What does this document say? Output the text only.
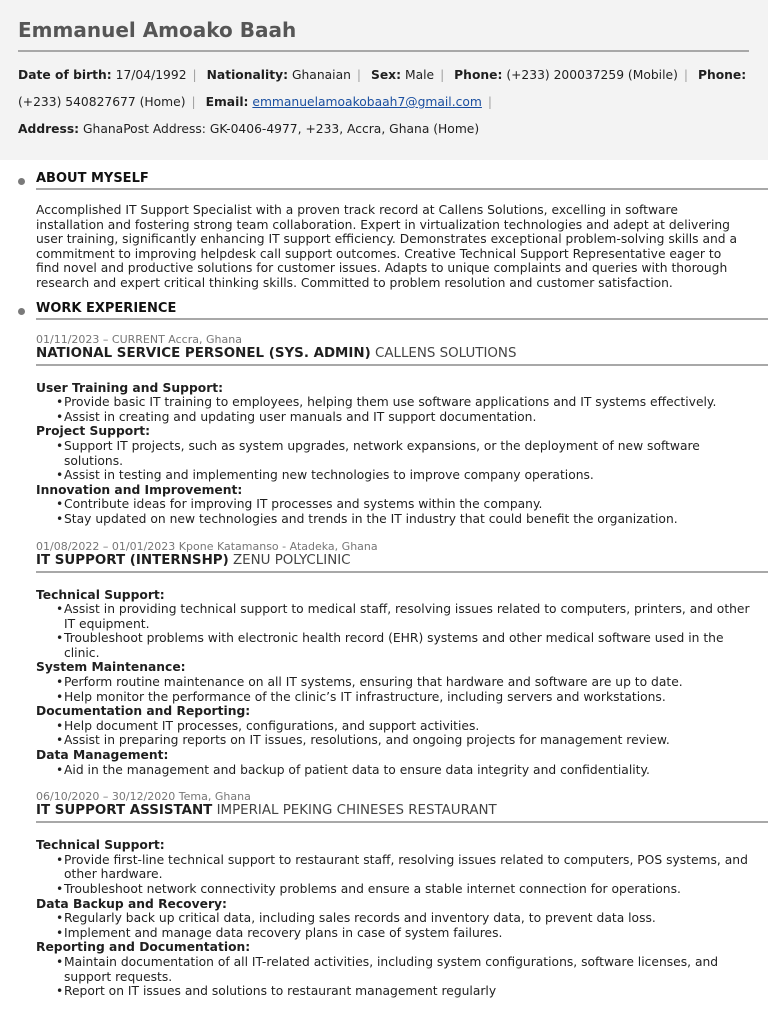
Emmanuel Amoako Baah
Date of birth: 17/04/1992 | Nationality: Ghanaian | Sex: Male | Phone: (+233) 200037259 (Mobile) | Phone:
(+233) 540827677 (Home) | Email: emmanuelamoakobaah7@gmail.com |
Address: GhanaPost Address: GK-0406-4977, +233, Accra, Ghana (Home)
ABOUT MYSELF

Accomplished IT Support Specialist with a proven track record at Callens Solutions, excelling in software installation and fostering strong team collaboration. Expert in virtualization technologies and adept at delivering user training, significantly enhancing IT support efficiency. Demonstrates exceptional problem-solving skills and a commitment to improving helpdesk call support outcomes. Creative Technical Support Representative eager to find novel and productive solutions for customer issues. Adapts to unique complaints and queries with thorough research and expert critical thinking skills. Committed to problem resolution and customer satisfaction.

WORK EXPERIENCE
01/11/2023 – CURRENT Accra, Ghana
NATIONAL SERVICE PERSONEL (SYS. ADMIN) CALLENS SOLUTIONS
User Training and Support:
• Provide basic IT training to employees, helping them use software applications and IT systems effectively.
• Assist in creating and updating user manuals and IT support documentation.
Project Support:
• Support IT projects, such as system upgrades, network expansions, or the deployment of new software solutions.
• Assist in testing and implementing new technologies to improve company operations.
Innovation and Improvement:
• Contribute ideas for improving IT processes and systems within the company.
• Stay updated on new technologies and trends in the IT industry that could benefit the organization.
01/08/2022 – 01/01/2023 Kpone Katamanso - Atadeka, Ghana
IT SUPPORT (INTERNSHP) ZENU POLYCLINIC
Technical Support:
• Assist in providing technical support to medical staff, resolving issues related to computers, printers, and other IT equipment.
• Troubleshoot problems with electronic health record (EHR) systems and other medical software used in the clinic.
System Maintenance:
• Perform routine maintenance on all IT systems, ensuring that hardware and software are up to date.
• Help monitor the performance of the clinic’s IT infrastructure, including servers and workstations.
Documentation and Reporting:
• Help document IT processes, configurations, and support activities.
• Assist in preparing reports on IT issues, resolutions, and ongoing projects for management review.
Data Management:
• Aid in the management and backup of patient data to ensure data integrity and confidentiality.
06/10/2020 – 30/12/2020 Tema, Ghana
IT SUPPORT ASSISTANT IMPERIAL PEKING CHINESES RESTAURANT
Technical Support:
• Provide first-line technical support to restaurant staff, resolving issues related to computers, POS systems, and other hardware.
• Troubleshoot network connectivity problems and ensure a stable internet connection for operations.
Data Backup and Recovery:
• Regularly back up critical data, including sales records and inventory data, to prevent data loss.
• Implement and manage data recovery plans in case of system failures.
Reporting and Documentation:
• Maintain documentation of all IT-related activities, including system configurations, software licenses, and support requests.
• Report on IT issues and solutions to restaurant management regularly
